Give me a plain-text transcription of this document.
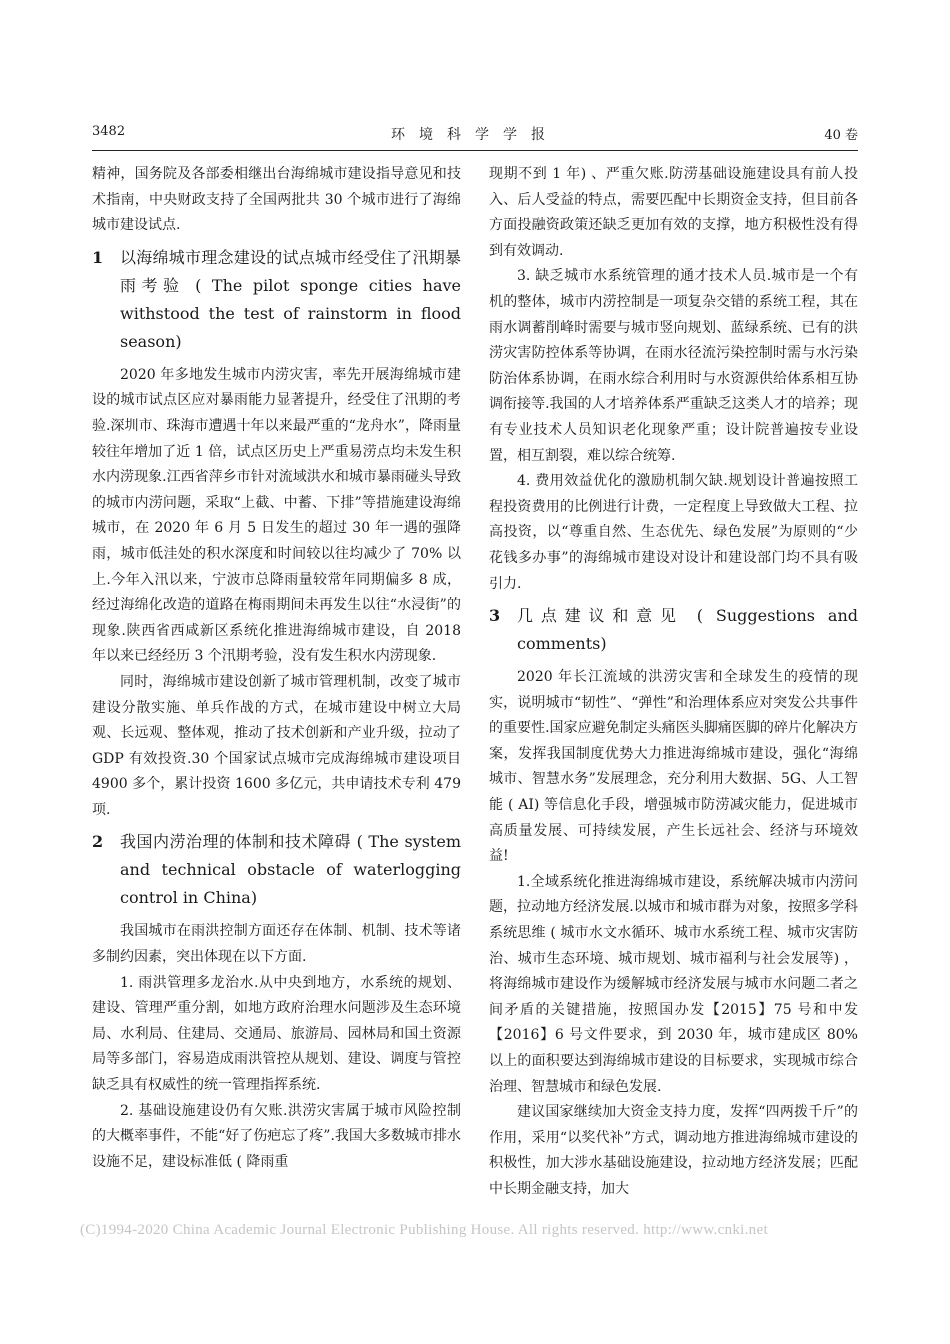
3482	环境科学学报	40 卷

精神，国务院及各部委相继出台海绵城市建设指导意见和技术指南，中央财政支持了全国两批共 30 个城市进行了海绵城市建设试点.

1	以海绵城市理念建设的试点城市经受住了汛期暴雨考验 ( The pilot sponge cities have withstood the test of rainstorm in flood season)

2020 年多地发生城市内涝灾害，率先开展海绵城市建设的城市试点区应对暴雨能力显著提升，经受住了汛期的考验.深圳市、珠海市遭遇十年以来最严重的“龙舟水”，降雨量较往年增加了近 1 倍，试点区历史上严重易涝点均未发生积水内涝现象.江西省萍乡市针对流域洪水和城市暴雨碰头导致的城市内涝问题，采取“上截、中蓄、下排”等措施建设海绵城市，在 2020 年 6 月 5 日发生的超过 30 年一遇的强降雨，城市低洼处的积水深度和时间较以往均减少了 70% 以上.今年入汛以来，宁波市总降雨量较常年同期偏多 8 成，经过海绵化改造的道路在梅雨期间未再发生以往“水浸街”的现象.陕西省西咸新区系统化推进海绵城市建设，自 2018 年以来已经经历 3 个汛期考验，没有发生积水内涝现象.

同时，海绵城市建设创新了城市管理机制，改变了城市建设分散实施、单兵作战的方式，在城市建设中树立大局观、长远观、整体观，推动了技术创新和产业升级，拉动了 GDP 有效投资.30 个国家试点城市完成海绵城市建设项目 4900 多个，累计投资 1600 多亿元，共申请技术专利 479 项.

2	我国内涝治理的体制和技术障碍 ( The system and technical obstacle of waterlogging control in China)

我国城市在雨洪控制方面还存在体制、机制、技术等诸多制约因素，突出体现在以下方面.

1. 雨洪管理多龙治水.从中央到地方，水系统的规划、建设、管理严重分割，如地方政府治理水问题涉及生态环境局、水利局、住建局、交通局、旅游局、园林局和国土资源局等多部门，容易造成雨洪管控从规划、建设、调度与管控缺乏具有权威性的统一管理指挥系统.

2. 基础设施建设仍有欠账.洪涝灾害属于城市风险控制的大概率事件，不能“好了伤疤忘了疼”.我国大多数城市排水设施不足，建设标准低 ( 降雨重

现期不到 1 年) 、严重欠账.防涝基础设施建设具有前人投入、后人受益的特点，需要匹配中长期资金支持，但目前各方面投融资政策还缺乏更加有效的支撑，地方积极性没有得到有效调动.

3. 缺乏城市水系统管理的通才技术人员.城市是一个有机的整体，城市内涝控制是一项复杂交错的系统工程，其在雨水调蓄削峰时需要与城市竖向规划、蓝绿系统、已有的洪涝灾害防控体系等协调，在雨水径流污染控制时需与水污染防治体系协调，在雨水综合利用时与水资源供给体系相互协调衔接等.我国的人才培养体系严重缺乏这类人才的培养；现有专业技术人员知识老化现象严重；设计院普遍按专业设置，相互割裂，难以综合统筹.

4. 费用效益优化的激励机制欠缺.规划设计普遍按照工程投资费用的比例进行计费，一定程度上导致做大工程、拉高投资，以“尊重自然、生态优先、绿色发展”为原则的“少花钱多办事”的海绵城市建设对设计和建设部门均不具有吸引力.

3	几点建议和意见 ( Suggestions and comments)

2020 年长江流域的洪涝灾害和全球发生的疫情的现实，说明城市“韧性”、“弹性”和治理体系应对突发公共事件的重要性.国家应避免制定头痛医头脚痛医脚的碎片化解决方案，发挥我国制度优势大力推进海绵城市建设，强化“海绵城市、智慧水务”发展理念，充分利用大数据、5G、人工智能 ( AI) 等信息化手段，增强城市防涝减灾能力，促进城市高质量发展、可持续发展，产生长远社会、经济与环境效益!

1.全域系统化推进海绵城市建设，系统解决城市内涝问题，拉动地方经济发展.以城市和城市群为对象，按照多学科系统思维 ( 城市水文水循环、城市水系统工程、城市灾害防治、城市生态环境、城市规划、城市福利与社会发展等) ，将海绵城市建设作为缓解城市经济发展与城市水问题二者之间矛盾的关键措施，按照国办发【2015】75 号和中发【2016】6 号文件要求，到 2030 年，城市建成区 80% 以上的面积要达到海绵城市建设的目标要求，实现城市综合治理、智慧城市和绿色发展.

建议国家继续加大资金支持力度，发挥“四两拨千斤”的作用，采用“以奖代补”方式，调动地方推进海绵城市建设的积极性，加大涉水基础设施建设，拉动地方经济发展；匹配中长期金融支持，加大

(C)1994-2020 China Academic Journal Electronic Publishing House. All rights reserved. http://www.cnki.net
